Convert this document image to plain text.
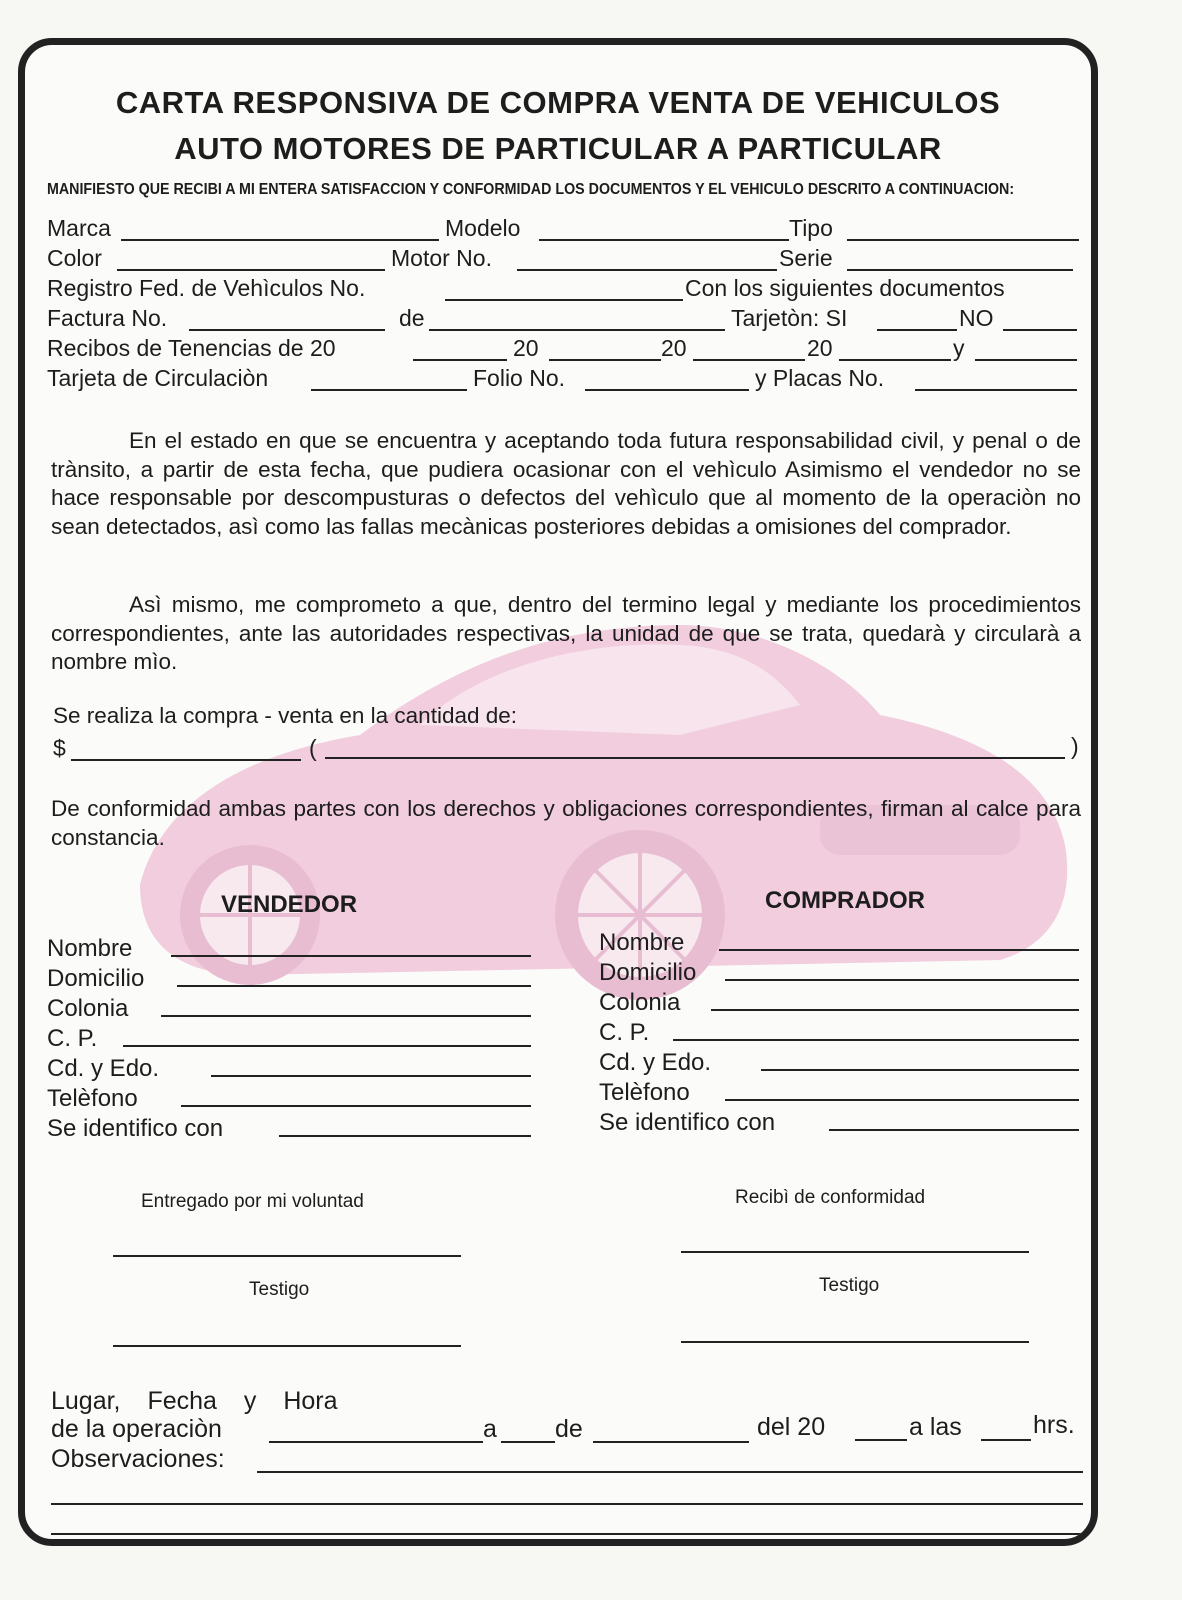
CARTA RESPONSIVA DE COMPRA VENTA DE VEHICULOS
AUTO MOTORES DE PARTICULAR A PARTICULAR
MANIFIESTO QUE RECIBI A MI ENTERA SATISFACCION Y CONFORMIDAD LOS DOCUMENTOS Y EL VEHICULO DESCRITO A CONTINUACION:
Marca	Modelo	Tipo
Color	Motor No.	Serie
Registro Fed. de Vehìculos No.	Con los siguientes documentos
Factura No.	de	Tarjetòn: SI	NO
Recibos de Tenencias de 20	20	20	20	y
Tarjeta de Circulaciòn	Folio No.	y Placas No.
En el estado en que se encuentra y aceptando toda futura responsabilidad civil, y penal o de trànsito, a partir de esta fecha, que pudiera ocasionar con el vehìculo Asimismo el vendedor no se hace responsable por descompusturas o defectos del vehìculo que al momento de la operaciòn no sean detectados, asì como las fallas mecànicas posteriores debidas a omisiones del comprador.
Asì mismo, me comprometo a que, dentro del termino legal y mediante los procedimientos correspondientes, ante las autoridades respectivas, la unidad de que se trata, quedarà y circularà a nombre mìo.
Se realiza la compra - venta en la cantidad de:
$	(	)
De conformidad ambas partes con los derechos y obligaciones correspondientes, firman al calce para constancia.
VENDEDOR	COMPRADOR
Nombre
Domicilio
Colonia
C. P.
Cd. y Edo.
Telèfono
Se identifico con
Nombre
Domicilio
Colonia
C. P.
Cd. y Edo.
Telèfono
Se identifico con
Entregado por mi voluntad	Recibì de conformidad
Testigo	Testigo
Lugar, Fecha y Hora
de la operaciòn	a de	del 20	a las	hrs.
Observaciones:
